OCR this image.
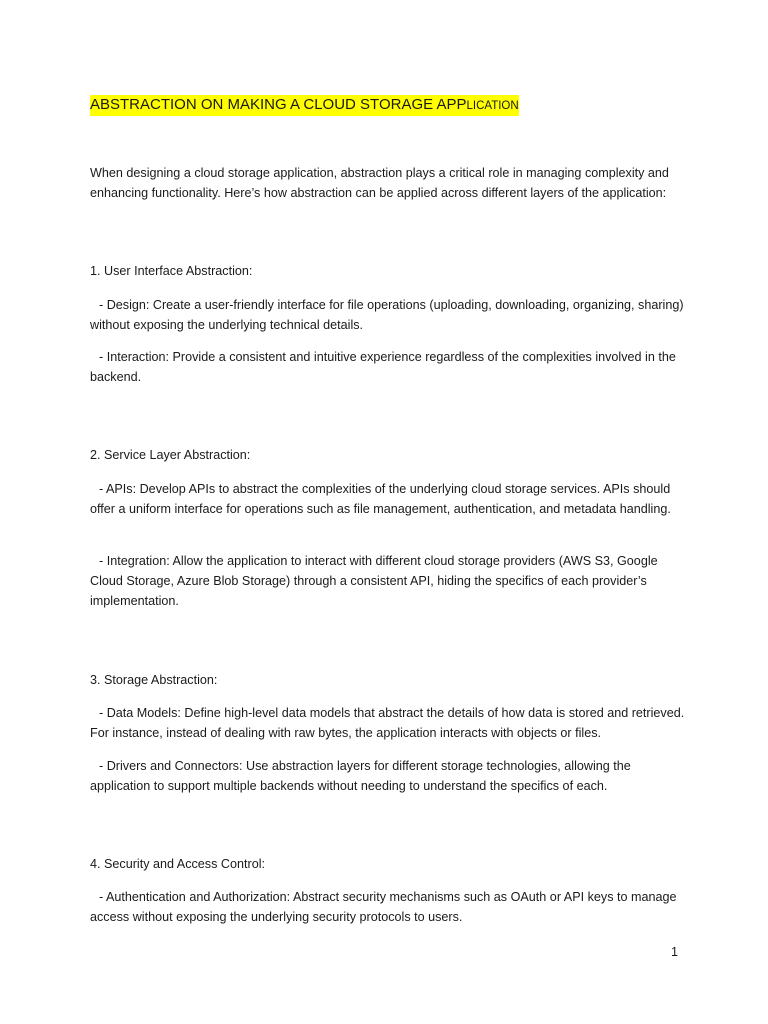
ABSTRACTION ON MAKING A CLOUD STORAGE APPLICATION

When designing a cloud storage application, abstraction plays a critical role in managing complexity and enhancing functionality. Here’s how abstraction can be applied across different layers of the application:

1. User Interface Abstraction:

- Design: Create a user-friendly interface for file operations (uploading, downloading, organizing, sharing) without exposing the underlying technical details.

- Interaction: Provide a consistent and intuitive experience regardless of the complexities involved in the backend.

2. Service Layer Abstraction:

- APIs: Develop APIs to abstract the complexities of the underlying cloud storage services. APIs should offer a uniform interface for operations such as file management, authentication, and metadata handling.

- Integration: Allow the application to interact with different cloud storage providers (AWS S3, Google Cloud Storage, Azure Blob Storage) through a consistent API, hiding the specifics of each provider’s implementation.

3. Storage Abstraction:

- Data Models: Define high-level data models that abstract the details of how data is stored and retrieved. For instance, instead of dealing with raw bytes, the application interacts with objects or files.

- Drivers and Connectors: Use abstraction layers for different storage technologies, allowing the application to support multiple backends without needing to understand the specifics of each.

4. Security and Access Control:

- Authentication and Authorization: Abstract security mechanisms such as OAuth or API keys to manage access without exposing the underlying security protocols to users.

1
